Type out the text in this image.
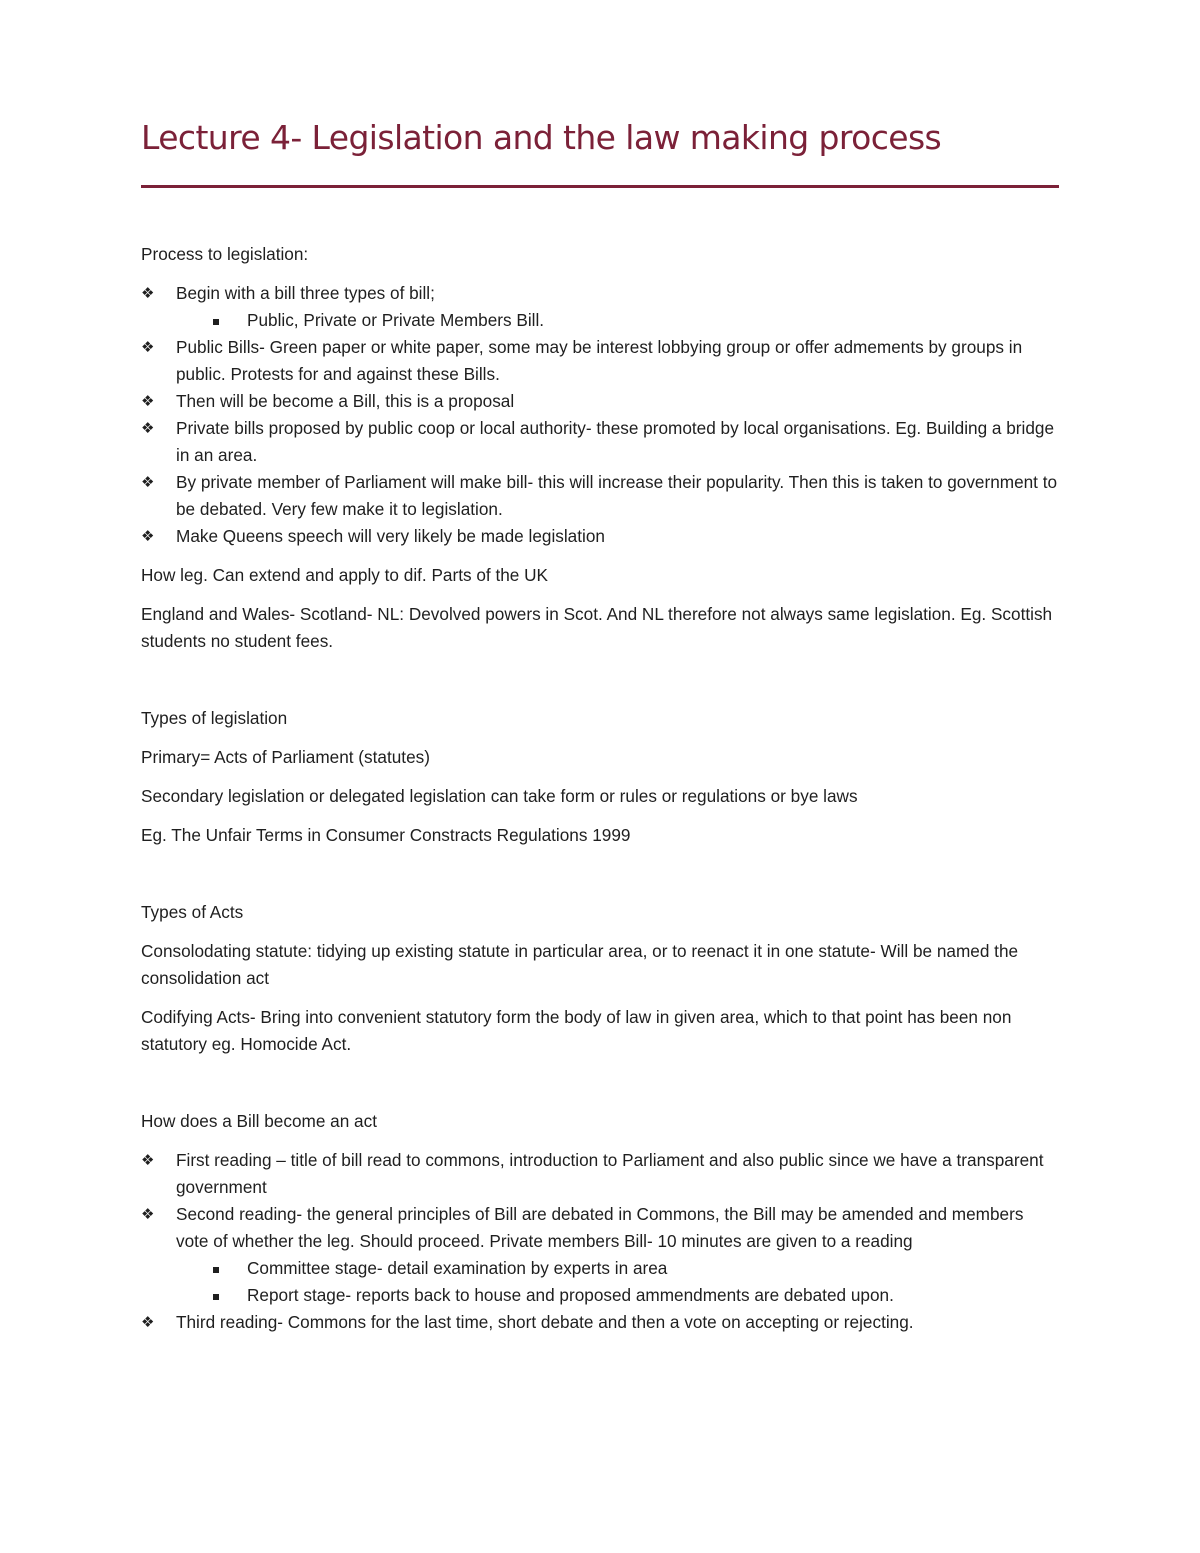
Lecture 4- Legislation and the law making process

Process to legislation:

❖ Begin with a bill three types of bill;
Public, Private or Private Members Bill.
❖ Public Bills- Green paper or white paper, some may be interest lobbying group or offer admements by groups in public. Protests for and against these Bills.
❖ Then will be become a Bill, this is a proposal
❖ Private bills proposed by public coop or local authority- these promoted by local organisations. Eg. Building a bridge in an area.
❖ By private member of Parliament will make bill- this will increase their popularity. Then this is taken to government to be debated. Very few make it to legislation.
❖ Make Queens speech will very likely be made legislation

How leg. Can extend and apply to dif. Parts of the UK

England and Wales- Scotland- NL: Devolved powers in Scot. And NL therefore not always same legislation. Eg. Scottish students no student fees.

Types of legislation

Primary= Acts of Parliament (statutes)

Secondary legislation or delegated legislation can take form or rules or regulations or bye laws

Eg. The Unfair Terms in Consumer Constracts Regulations 1999

Types of Acts

Consolodating statute: tidying up existing statute in particular area, or to reenact it in one statute- Will be named the consolidation act

Codifying Acts- Bring into convenient statutory form the body of law in given area, which to that point has been non statutory eg. Homocide Act.

How does a Bill become an act

❖ First reading – title of bill read to commons, introduction to Parliament and also public since we have a transparent government
❖ Second reading- the general principles of Bill are debated in Commons, the Bill may be amended and members vote of whether the leg. Should proceed. Private members Bill- 10 minutes are given to a reading
Committee stage- detail examination by experts in area
Report stage- reports back to house and proposed ammendments are debated upon.
❖ Third reading- Commons for the last time, short debate and then a vote on accepting or rejecting.
